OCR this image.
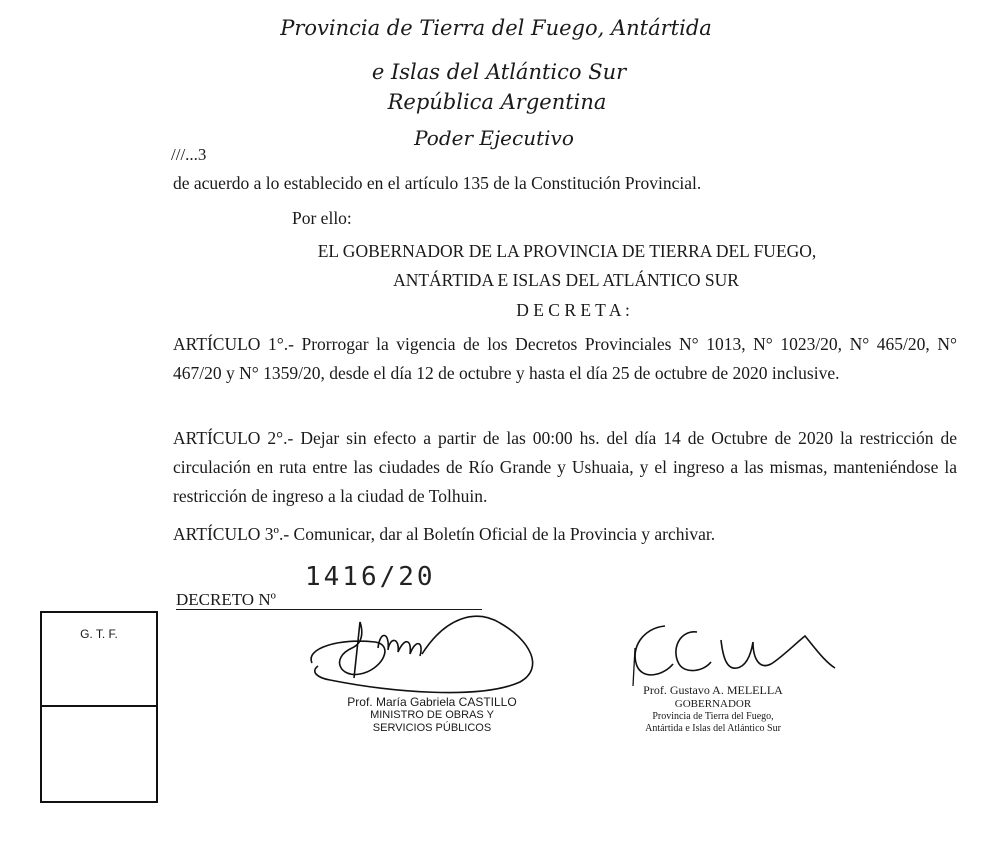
Provincia de Tierra del Fuego, Antártida
e Islas del Atlántico Sur
República Argentina
Poder Ejecutivo
///...3
de acuerdo a lo establecido en el artículo 135 de la Constitución Provincial.
Por ello:
EL GOBERNADOR DE LA PROVINCIA DE TIERRA DEL FUEGO,
ANTÁRTIDA E ISLAS DEL ATLÁNTICO SUR
D E C R E T A :
ARTÍCULO 1°.- Prorrogar la vigencia de los Decretos Provinciales N° 1013, N° 1023/20, N° 465/20, N° 467/20 y N° 1359/20, desde el día 12 de octubre y hasta el día 25 de octubre de 2020 inclusive.
ARTÍCULO 2°.- Dejar sin efecto a partir de las 00:00 hs. del día 14 de Octubre de 2020 la restricción de circulación en ruta entre las ciudades de Río Grande y Ushuaia, y el ingreso a las mismas, manteniéndose la restricción de ingreso a la ciudad de Tolhuin.
ARTÍCULO 3º.- Comunicar, dar al Boletín Oficial de la Provincia y archivar.
DECRETO Nº
1416/20
G. T. F.
Prof. María Gabriela CASTILLO
MINISTRO DE OBRAS Y
SERVICIOS PÚBLICOS
Prof. Gustavo A. MELELLA
GOBERNADOR
Provincia de Tierra del Fuego,
Antártida e Islas del Atlántico Sur
